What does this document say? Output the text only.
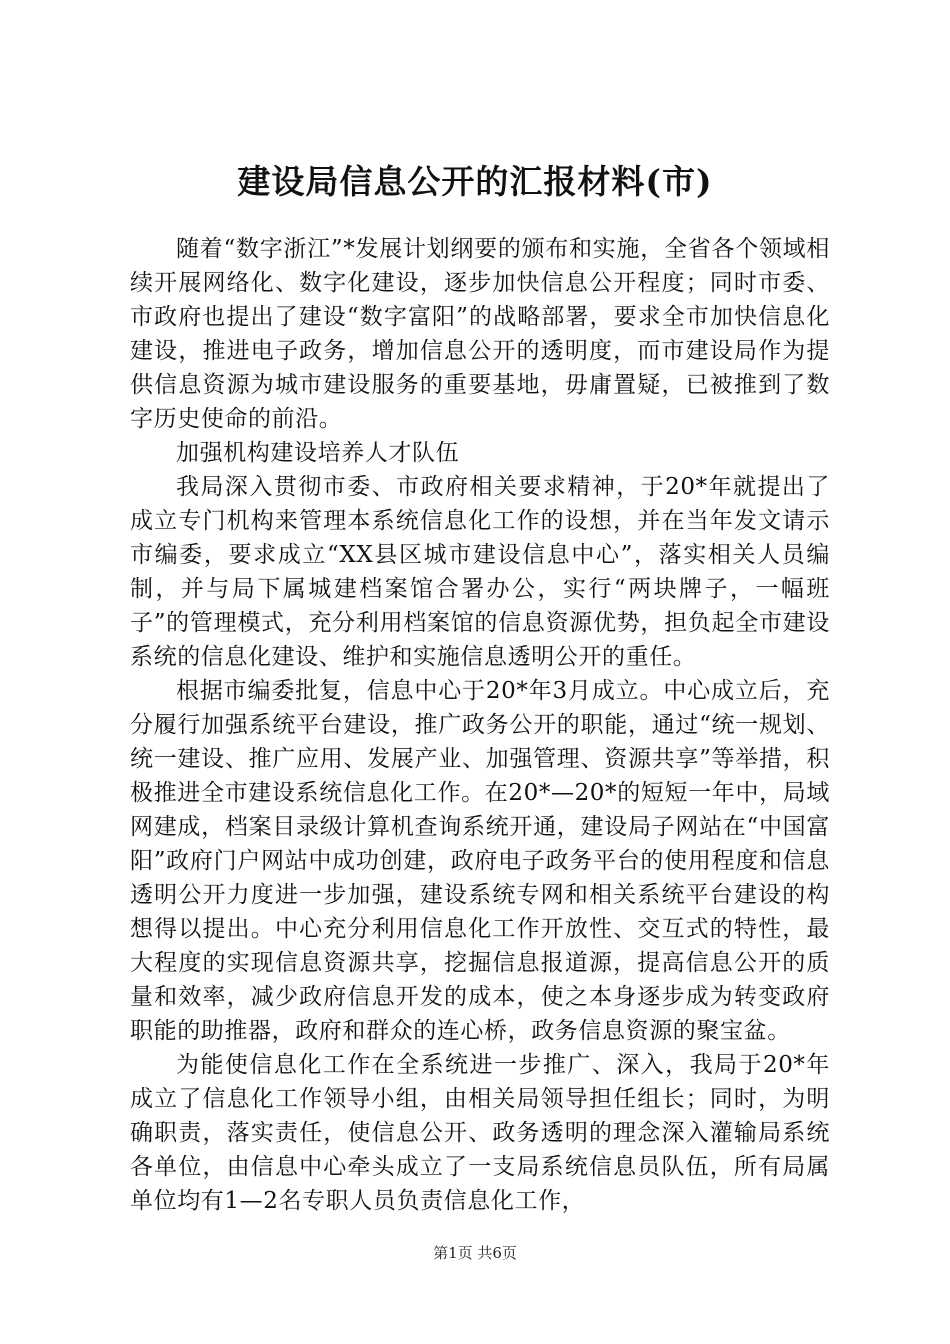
建设局信息公开的汇报材料(市)

随着“数字浙江”*发展计划纲要的颁布和实施，全省各个领域相续开展网络化、数字化建设，逐步加快信息公开程度；同时市委、市政府也提出了建设“数字富阳”的战略部署，要求全市加快信息化建设，推进电子政务，增加信息公开的透明度，而市建设局作为提供信息资源为城市建设服务的重要基地，毋庸置疑，已被推到了数字历史使命的前沿。

加强机构建设培养人才队伍

我局深入贯彻市委、市政府相关要求精神，于20*年就提出了成立专门机构来管理本系统信息化工作的设想，并在当年发文请示市编委，要求成立“XX县区城市建设信息中心”，落实相关人员编制，并与局下属城建档案馆合署办公，实行“两块牌子，一幅班子”的管理模式，充分利用档案馆的信息资源优势，担负起全市建设系统的信息化建设、维护和实施信息透明公开的重任。

根据市编委批复，信息中心于20*年3月成立。中心成立后，充分履行加强系统平台建设，推广政务公开的职能，通过“统一规划、统一建设、推广应用、发展产业、加强管理、资源共享”等举措，积极推进全市建设系统信息化工作。在20*—20*的短短一年中，局域网建成，档案目录级计算机查询系统开通，建设局子网站在“中国富阳”政府门户网站中成功创建，政府电子政务平台的使用程度和信息透明公开力度进一步加强，建设系统专网和相关系统平台建设的构想得以提出。中心充分利用信息化工作开放性、交互式的特性，最大程度的实现信息资源共享，挖掘信息报道源，提高信息公开的质量和效率，减少政府信息开发的成本，使之本身逐步成为转变政府职能的助推器，政府和群众的连心桥，政务信息资源的聚宝盆。

为能使信息化工作在全系统进一步推广、深入，我局于20*年成立了信息化工作领导小组，由相关局领导担任组长；同时，为明确职责，落实责任，使信息公开、政务透明的理念深入灌输局系统各单位，由信息中心牵头成立了一支局系统信息员队伍，所有局属单位均有1—2名专职人员负责信息化工作，

第1页 共6页
